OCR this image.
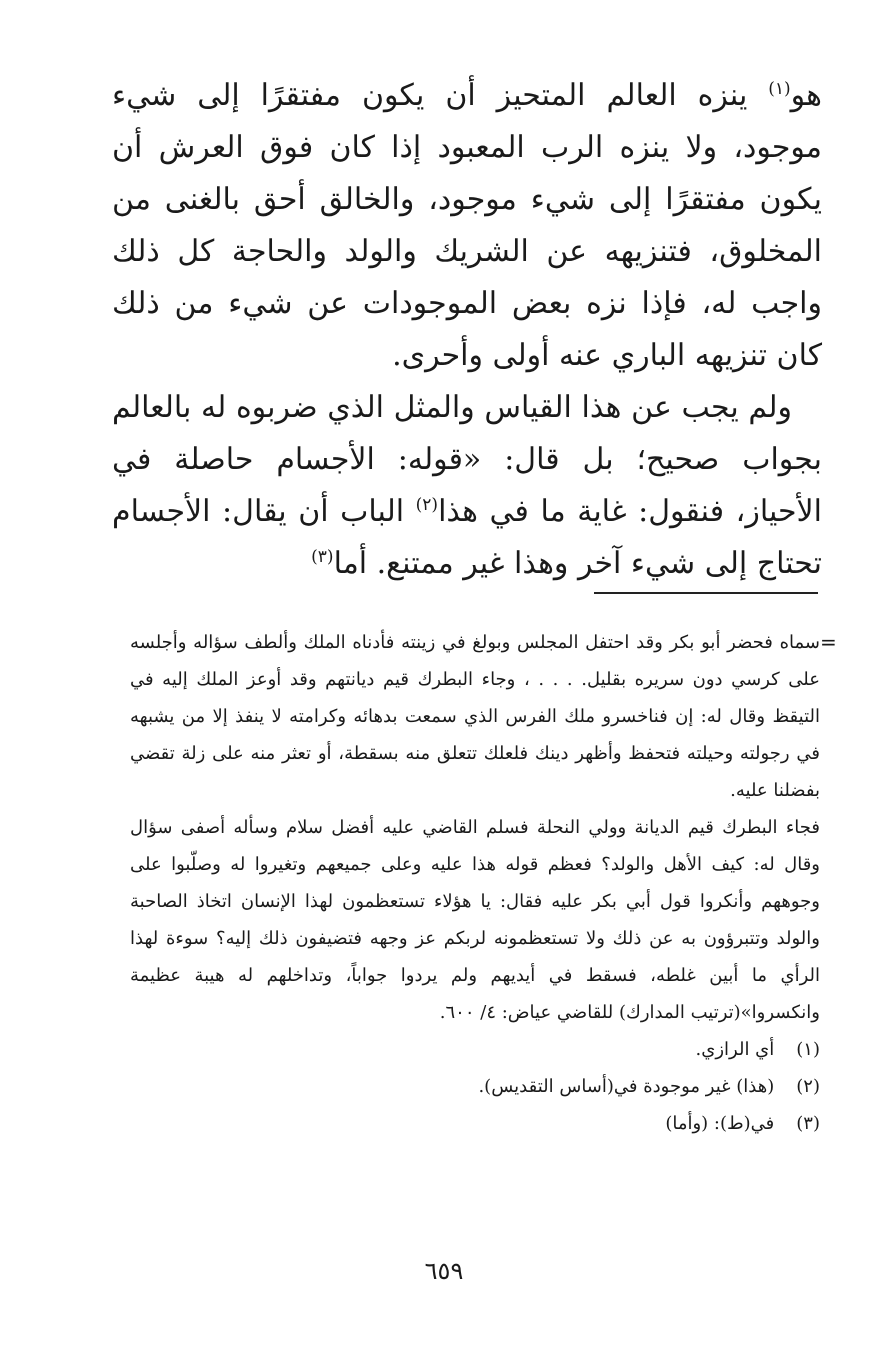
هو$^{(١)}$ ينزه العالم المتحيز أن يكون مفتقرًا إلى شيء موجود، ولا ينزه الرب المعبود إذا كان فوق العرش أن يكون مفتقرًا إلى شيء موجود، والخالق أحق بالغنى من المخلوق، فتنزيهه عن الشريك والولد والحاجة كل ذلك واجب له، فإذا نزه بعض الموجودات عن شيء من ذلك كان تنزيهه الباري عنه أولى وأحرى.

ولم يجب عن هذا القياس والمثل الذي ضربوه له بالعالم بجواب صحيح؛ بل قال: «قوله: الأجسام حاصلة في الأحياز، فنقول: غاية ما في هذا$^{(٢)}$ الباب أن يقال: الأجسام تحتاج إلى شيء آخر وهذا غير ممتنع. أما$^{(٣)}$

=

سماه فحضر أبو بكر وقد احتفل المجلس وبولغ في زينته فأدناه الملك وألطف سؤاله وأجلسه على كرسي دون سريره بقليل. . . . ، وجاء البطرك قيم ديانتهم وقد أوعز الملك إليه في التيقظ وقال له: إن فناخسرو ملك الفرس الذي سمعت بدهائه وكرامته لا ينفذ إلا من يشبهه في رجولته وحيلته فتحفظ وأظهر دينك فلعلك تتعلق منه بسقطة، أو تعثر منه على زلة تقضي بفضلنا عليه.

فجاء البطرك قيم الديانة وولي النحلة فسلم القاضي عليه أفضل سلام وسأله أصفى سؤال وقال له: كيف الأهل والولد؟ فعظم قوله هذا عليه وعلى جميعهم وتغيروا له وصلّبوا على وجوههم وأنكروا قول أبي بكر عليه فقال: يا هؤلاء تستعظمون لهذا الإنسان اتخاذ الصاحبة والولد وتتبرؤون به عن ذلك ولا تستعظمونه لربكم عز وجهه فتضيفون ذلك إليه؟ سوءة لهذا الرأي ما أبين غلطه، فسقط في أيديهم ولم يردوا جواباً، وتداخلهم له هيبة عظيمة وانكسروا»(ترتيب المدارك) للقاضي عياض: ٤/ ٦٠٠.

(١)
أي الرازي.
(٢)
(هذا) غير موجودة في(أساس التقديس).
(٣)
في(ط): (وأما)
٦٥٩
